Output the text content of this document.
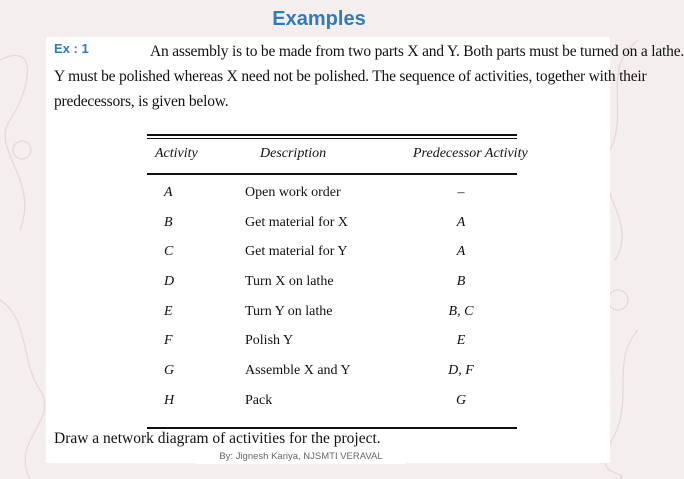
Examples
Ex : 1	An assembly is to be made from two parts X and Y. Both parts must be turned on a lathe.
Y must be polished whereas X need not be polished. The sequence of activities, together with their
predecessors, is given below.
Activity	Description	Predecessor Activity
A	Open work order	–
B	Get material for X	A
C	Get material for Y	A
D	Turn X on lathe	B
E	Turn Y on lathe	B, C
F	Polish Y	E
G	Assemble X and Y	D, F
H	Pack	G
Draw a network diagram of activities for the project.
By: Jignesh Kariya, NJSMTI VERAVAL
